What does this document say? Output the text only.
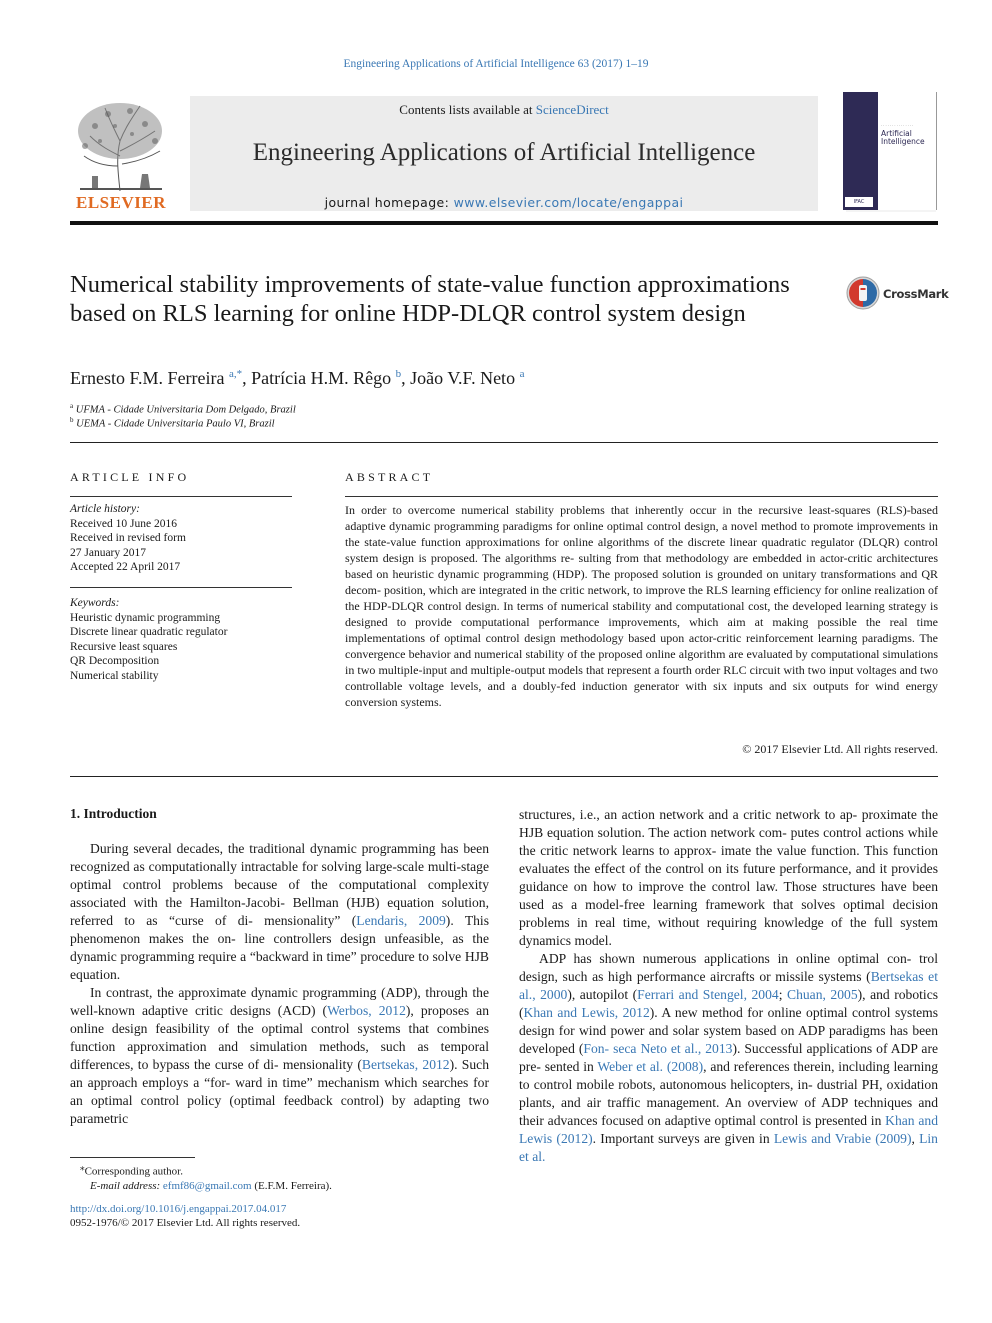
Engineering Applications of Artificial Intelligence 63 (2017) 1–19
ELSEVIER
Contents lists available at ScienceDirect
Engineering Applications of Artificial Intelligence
journal homepage: www.elsevier.com/locate/engappai
· · · · · · · · · · · · · · ·
Artificial Intelligence
IFAC
Numerical stability improvements of state-value function approximations based on RLS learning for online HDP-DLQR control system design
CrossMark
Ernesto F.M. Ferreira $^{a,*}$, Patrícia H.M. Rêgo $^b$, João V.F. Neto $^a$
$^a$ UFMA - Cidade Universitaria Dom Delgado, Brazil
$^b$ UEMA - Cidade Universitaria Paulo VI, Brazil
ARTICLE INFO
Article history:
Received 10 June 2016
Received in revised form
27 January 2017
Accepted 22 April 2017
Keywords:
Heuristic dynamic programming
Discrete linear quadratic regulator
Recursive least squares
QR Decomposition
Numerical stability
ABSTRACT
In order to overcome numerical stability problems that inherently occur in the recursive least-squares (RLS)-based adaptive dynamic programming paradigms for online optimal control design, a novel method to promote improvements in the state-value function approximations for online algorithms of the discrete linear quadratic regulator (DLQR) control system design is proposed. The algorithms re- sulting from that methodology are embedded in actor-critic architectures based on heuristic dynamic programming (HDP). The proposed solution is grounded on unitary transformations and QR decom- position, which are integrated in the critic network, to improve the RLS learning efficiency for online realization of the HDP-DLQR control design. In terms of numerical stability and computational cost, the developed learning strategy is designed to provide computational performance improvements, which aim at making possible the real time implementations of optimal control design methodology based upon actor-critic reinforcement learning paradigms. The convergence behavior and numerical stability of the proposed online algorithm are evaluated by computational simulations in two multiple-input and multiple-output models that represent a fourth order RLC circuit with two input voltages and two controllable voltage levels, and a doubly-fed induction generator with six inputs and six outputs for wind energy conversion systems.
© 2017 Elsevier Ltd. All rights reserved.
1. Introduction

During several decades, the traditional dynamic programming has been recognized as computationally intractable for solving large-scale multi-stage optimal control problems because of the computational complexity associated with the Hamilton-Jacobi- Bellman (HJB) equation solution, referred to as “curse of di- mensionality” (Lendaris, 2009). This phenomenon makes the on- line controllers design unfeasible, as the dynamic programming require a “backward in time” procedure to solve HJB equation.

In contrast, the approximate dynamic programming (ADP), through the well-known adaptive critic designs (ACD) (Werbos, 2012), proposes an online design feasibility of the optimal control systems that combines function approximation and simulation methods, such as temporal differences, to bypass the curse of di- mensionality (Bertsekas, 2012). Such an approach employs a “for- ward in time” mechanism which searches for an optimal control policy (optimal feedback control) by adapting two parametric

structures, i.e., an action network and a critic network to ap- proximate the HJB equation solution. The action network com- putes control actions while the critic network learns to approx- imate the value function. This function evaluates the effect of the control on its future performance, and it provides guidance on how to improve the control law. Those structures have been used as a model-free learning framework that solves optimal decision problems in real time, without requiring knowledge of the full system dynamics model.

ADP has shown numerous applications in online optimal con- trol design, such as high performance aircrafts or missile systems (Bertsekas et al., 2000), autopilot (Ferrari and Stengel, 2004; Chuan, 2005), and robotics (Khan and Lewis, 2012). A new method for online optimal control systems design for wind power and solar system based on ADP paradigms has been developed (Fon- seca Neto et al., 2013). Successful applications of ADP are pre- sented in Weber et al. (2008), and references therein, including learning to control mobile robots, autonomous helicopters, in- dustrial PH, oxidation plants, and air traffic management. An overview of ADP techniques and their advances focused on adaptive optimal control is presented in Khan and Lewis (2012). Important surveys are given in Lewis and Vrabie (2009), Lin et al.

⁎Corresponding author.
E-mail address: efmf86@gmail.com (E.F.M. Ferreira).
http://dx.doi.org/10.1016/j.engappai.2017.04.017
0952-1976/© 2017 Elsevier Ltd. All rights reserved.
